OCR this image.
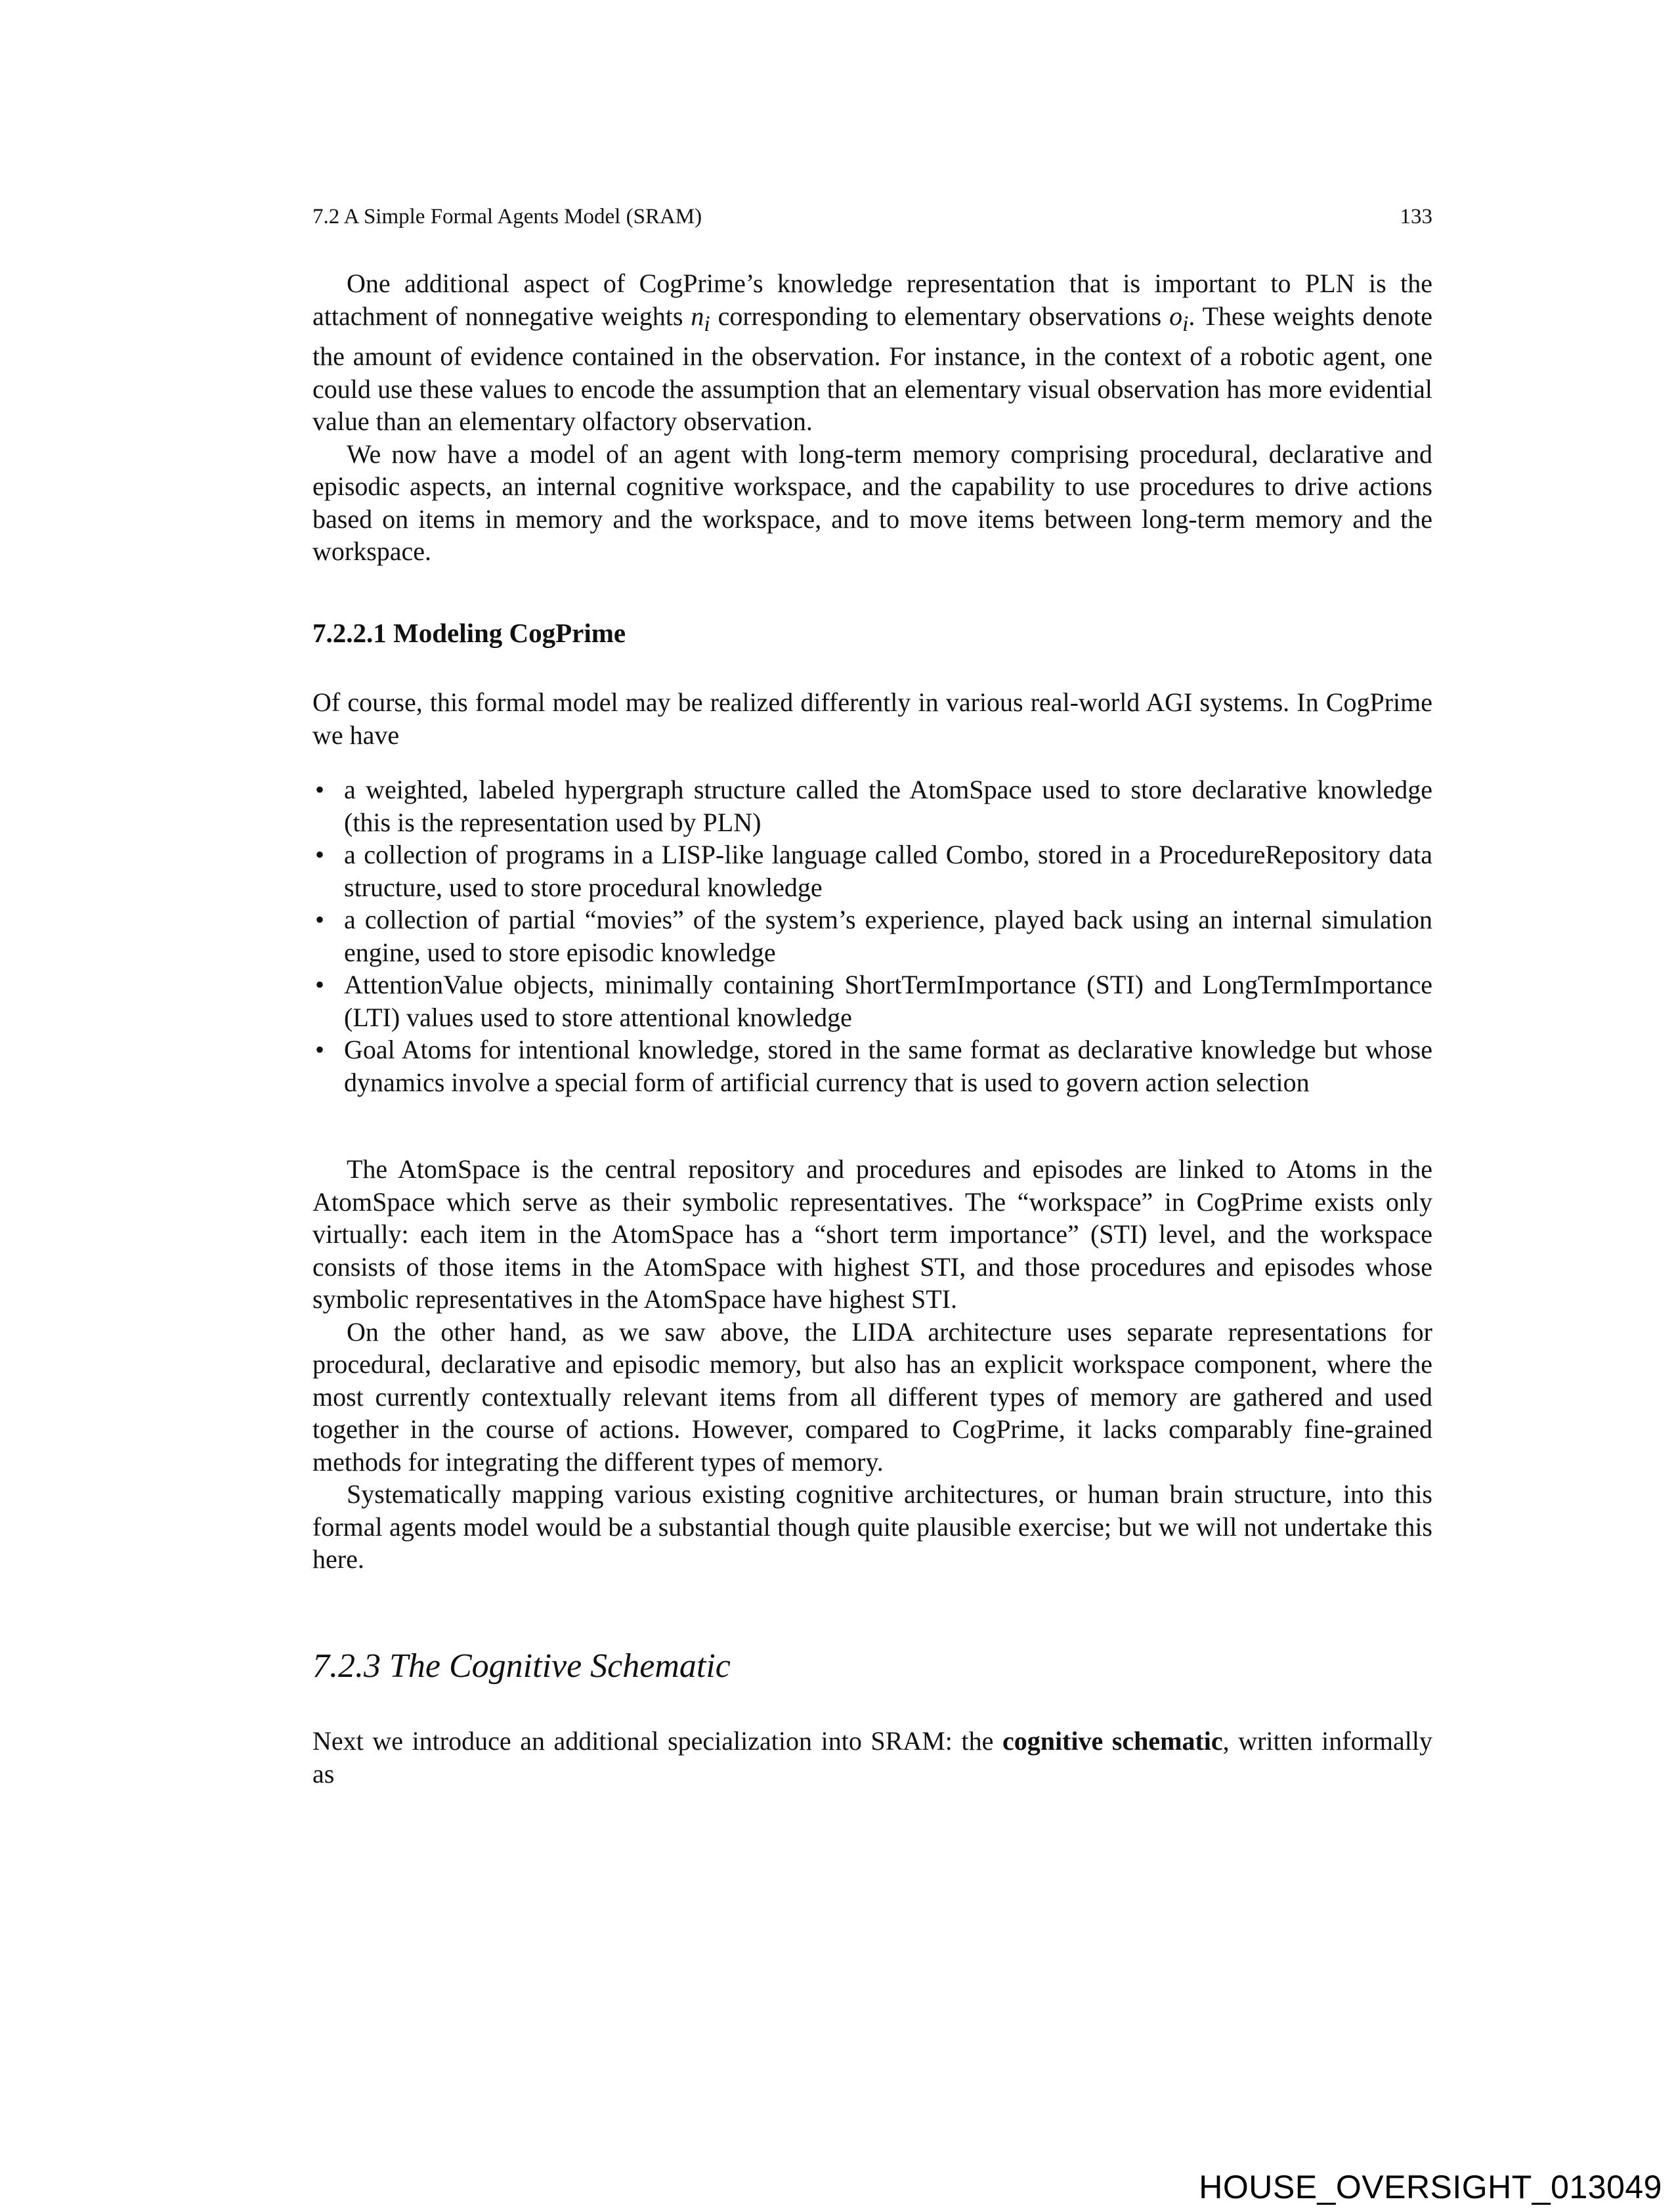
7.2 A Simple Formal Agents Model (SRAM)	133

One additional aspect of CogPrime’s knowledge representation that is important to PLN is the attachment of nonnegative weights $n_i$ corresponding to elementary observations $o_i$. These weights denote the amount of evidence contained in the observation. For instance, in the context of a robotic agent, one could use these values to encode the assumption that an elementary visual observation has more evidential value than an elementary olfactory observation.

We now have a model of an agent with long-term memory comprising procedural, declarative and episodic aspects, an internal cognitive workspace, and the capability to use procedures to drive actions based on items in memory and the workspace, and to move items between long-term memory and the workspace.

7.2.2.1 Modeling CogPrime

Of course, this formal model may be realized differently in various real-world AGI systems. In CogPrime we have

• a weighted, labeled hypergraph structure called the AtomSpace used to store declarative knowledge (this is the representation used by PLN)
• a collection of programs in a LISP-like language called Combo, stored in a ProcedureRepository data structure, used to store procedural knowledge
• a collection of partial “movies” of the system’s experience, played back using an internal simulation engine, used to store episodic knowledge
• AttentionValue objects, minimally containing ShortTermImportance (STI) and LongTermImportance (LTI) values used to store attentional knowledge
• Goal Atoms for intentional knowledge, stored in the same format as declarative knowledge but whose dynamics involve a special form of artificial currency that is used to govern action selection

The AtomSpace is the central repository and procedures and episodes are linked to Atoms in the AtomSpace which serve as their symbolic representatives. The “workspace” in CogPrime exists only virtually: each item in the AtomSpace has a “short term importance” (STI) level, and the workspace consists of those items in the AtomSpace with highest STI, and those procedures and episodes whose symbolic representatives in the AtomSpace have highest STI.

On the other hand, as we saw above, the LIDA architecture uses separate representations for procedural, declarative and episodic memory, but also has an explicit workspace component, where the most currently contextually relevant items from all different types of memory are gathered and used together in the course of actions. However, compared to CogPrime, it lacks comparably fine-grained methods for integrating the different types of memory.

Systematically mapping various existing cognitive architectures, or human brain structure, into this formal agents model would be a substantial though quite plausible exercise; but we will not undertake this here.

7.2.3 The Cognitive Schematic

Next we introduce an additional specialization into SRAM: the cognitive schematic, written informally as

HOUSE_OVERSIGHT_013049
